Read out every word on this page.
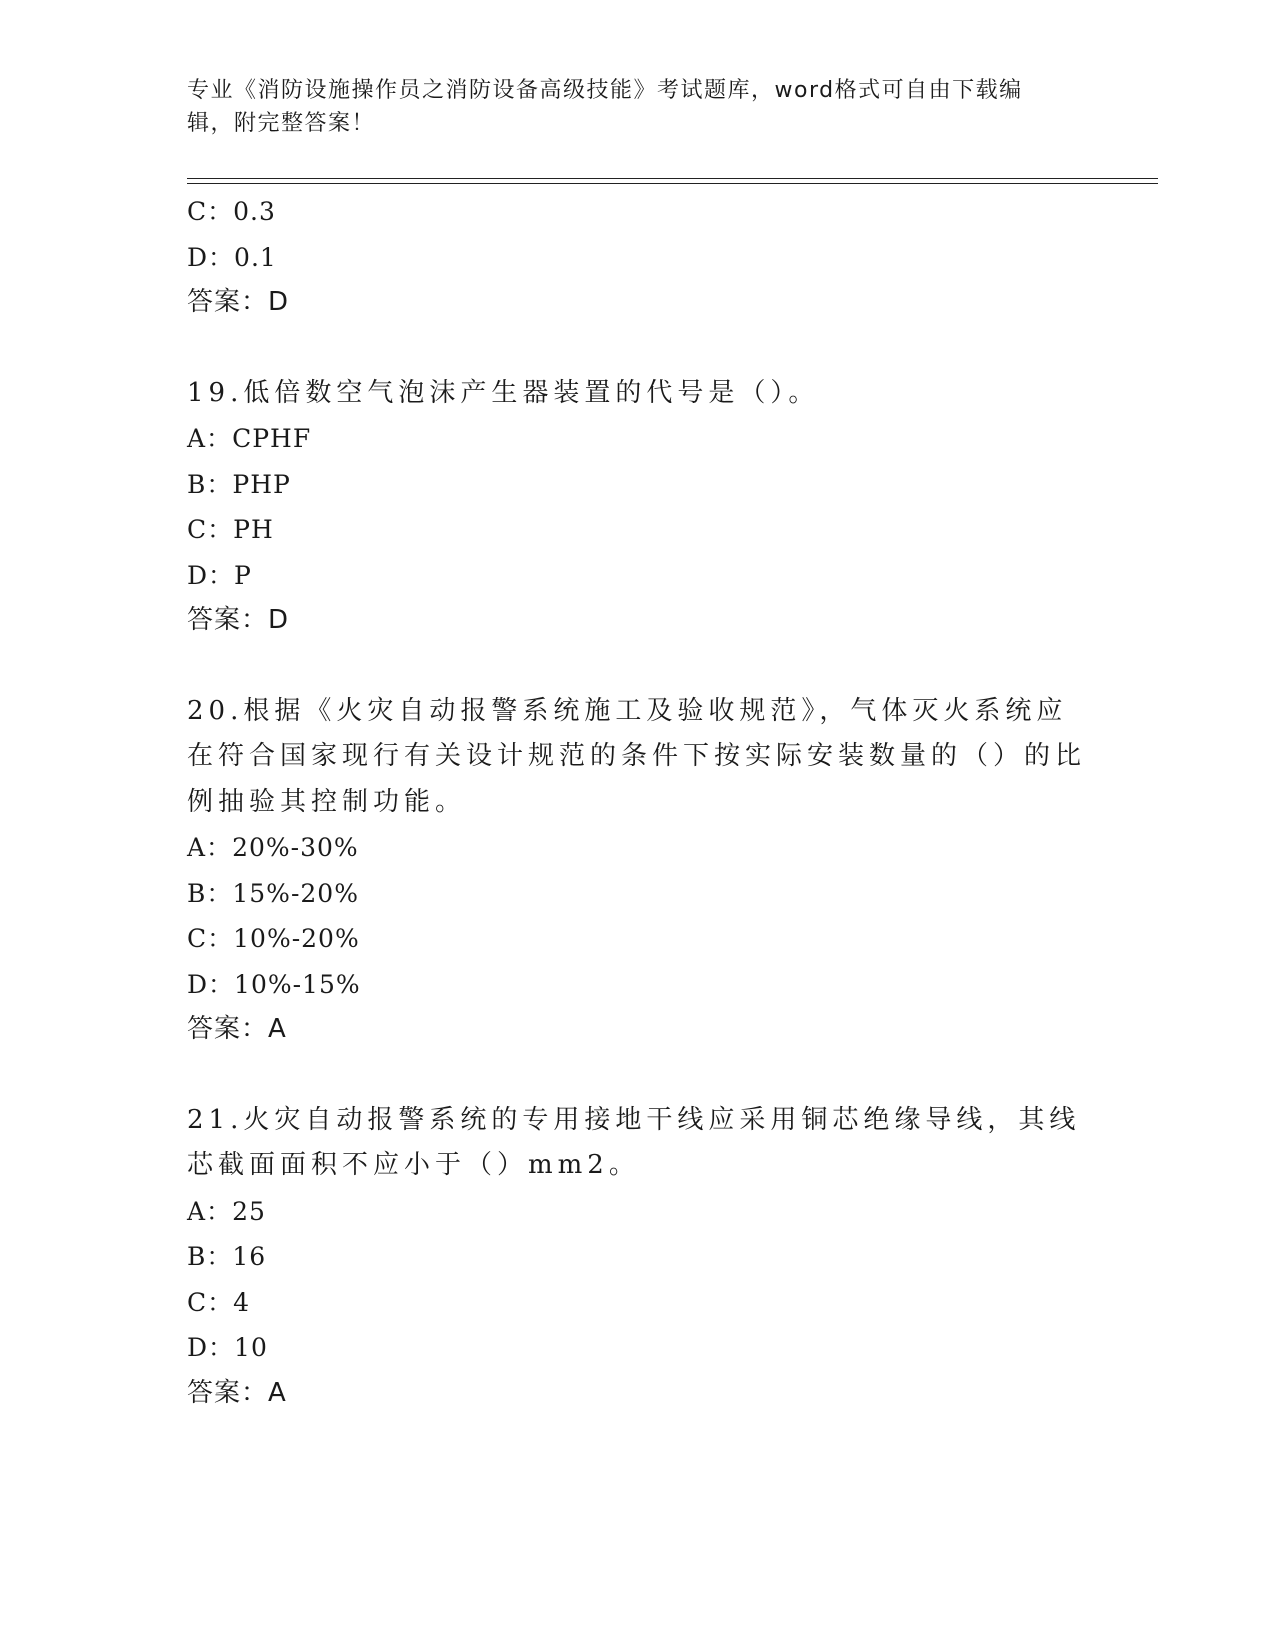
专业《消防设施操作员之消防设备高级技能》考试题库，word格式可自由下载编辑，附完整答案！
C：0.3
D：0.1
答案：D
19.低倍数空气泡沫产生器装置的代号是（）。
A：CPHF
B：PHP
C：PH
D：P
答案：D
20.根据《火灾自动报警系统施工及验收规范》，气体灭火系统应在符合国家现行有关设计规范的条件下按实际安装数量的（）的比例抽验其控制功能。
A：20%-30%
B：15%-20%
C：10%-20%
D：10%-15%
答案：A
21.火灾自动报警系统的专用接地干线应采用铜芯绝缘导线，其线芯截面面积不应小于（）mm2。
A：25
B：16
C：4
D：10
答案：A
